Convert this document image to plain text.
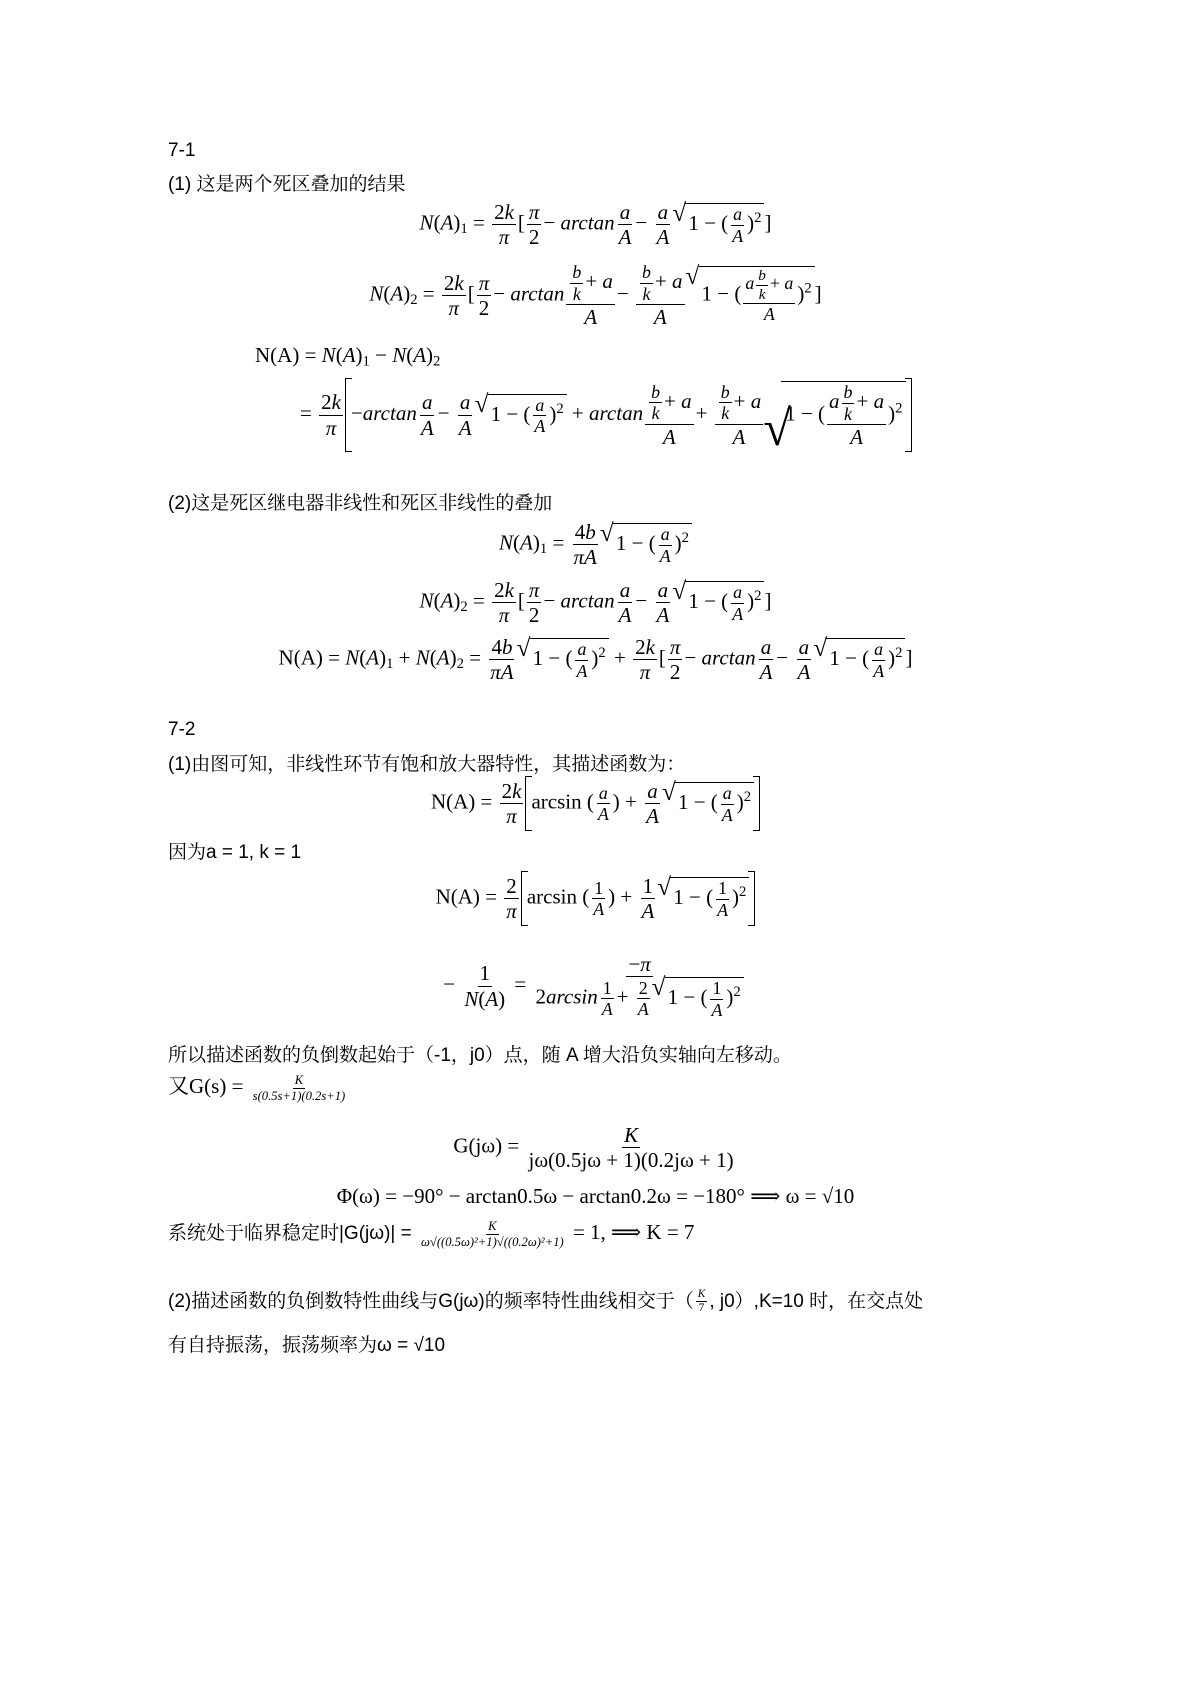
7-1
(1) 这是两个死区叠加的结果
$N(A)_1 = \frac{2k}{\pi}$ [ $\frac{\pi}{2} - \arctan \frac{a}{A} - \frac{a}{A}$
√ 1 − ( $\frac{a}{A} )^2$ ]
$N(A)_2 = \frac{2k}{\pi}$ [ $\frac{\pi}{2} - \arctan \frac{\frac{b}{k} + a}{A} - \frac{\frac{b}{k} + a}{A}$
√ 1 − ( $\frac{a \frac{b}{k} + a}{A} )^2$ ]
$N(A) = N(A)_1 - N(A)_2$
= $\frac{2k}{\pi} -\arctan \frac{a}{A} - \frac{a}{A}$
√ 1 − ( $\frac{a}{A} )^2 + \arctan \frac{\frac{b}{k} + a}{A} + \frac{\frac{b}{k} + a}{A}$
√ 1 − ( $\frac{a \frac{b}{k} + a}{A} )^2$
(2)这是死区继电器非线性和死区非线性的叠加
$N(A)_1 = \frac{4b}{\pi A}$
√ 1 − ( $\frac{a}{A} )^2$
$N(A)_2 = \frac{2k}{\pi}$ [ $\frac{\pi}{2} - \arctan \frac{a}{A} - \frac{a}{A}$
√ 1 − ( $\frac{a}{A} )^2$ ]
$N(A) = N(A)_1 + N(A)_2 = \frac{4b}{\pi A}$
√ 1 − ( $\frac{a}{A} )^2 + \frac{2k}{\pi}$ [ $\frac{\pi}{2} - \arctan \frac{a}{A} - \frac{a}{A}$
√ 1 − ( $\frac{a}{A} )^2$ ]
7-2
(1)由图可知，非线性环节有饱和放大器特性，其描述函数为：
$N(A) = \frac{2k}{\pi}$ arcsin ( $\frac{a}{A}$ ) + $\frac{a}{A}$
√ 1 − ( $\frac{a}{A} )^2$
因为a = 1, k = 1
$N(A) = \frac{2}{\pi}$ arcsin ( $\frac{1}{A}$ ) + $\frac{1}{A}$
√ 1 − ( $\frac{1}{A} )^2$
− $\frac{1}{N(A)} = -\pi$
$2\arcsin \frac{1}{A} + \frac{2}{A}$
√ 1 − ( $\frac{1}{A} )^2$
所以描述函数的负倒数起始于（-1，j0）点，随 A 增大沿负实轴向左移动。
又$G(s) = \frac{K}{s(0.5s+1)(0.2s+1)}$
$G(j\omega) = \frac{K}{j\omega(0.5j\omega + 1)(0.2j\omega + 1)}$
Φ(ω) = −90° − arctan0.5ω − arctan0.2ω = −180° ⟹ ω = √10
系统处于临界稳定时$|G(j\omega)| = \frac{K}{\text{ω√((0.5ω)²+1)√((0.2ω)²+1)}} = 1$, ⟹ K = 7
(2)描述函数的负倒数特性曲线与G(jω)的频率特性曲线相交于（ $\frac{K}{7}$ , j0）,K=10 时，在交点处
有自持振荡，振荡频率为ω = √10
